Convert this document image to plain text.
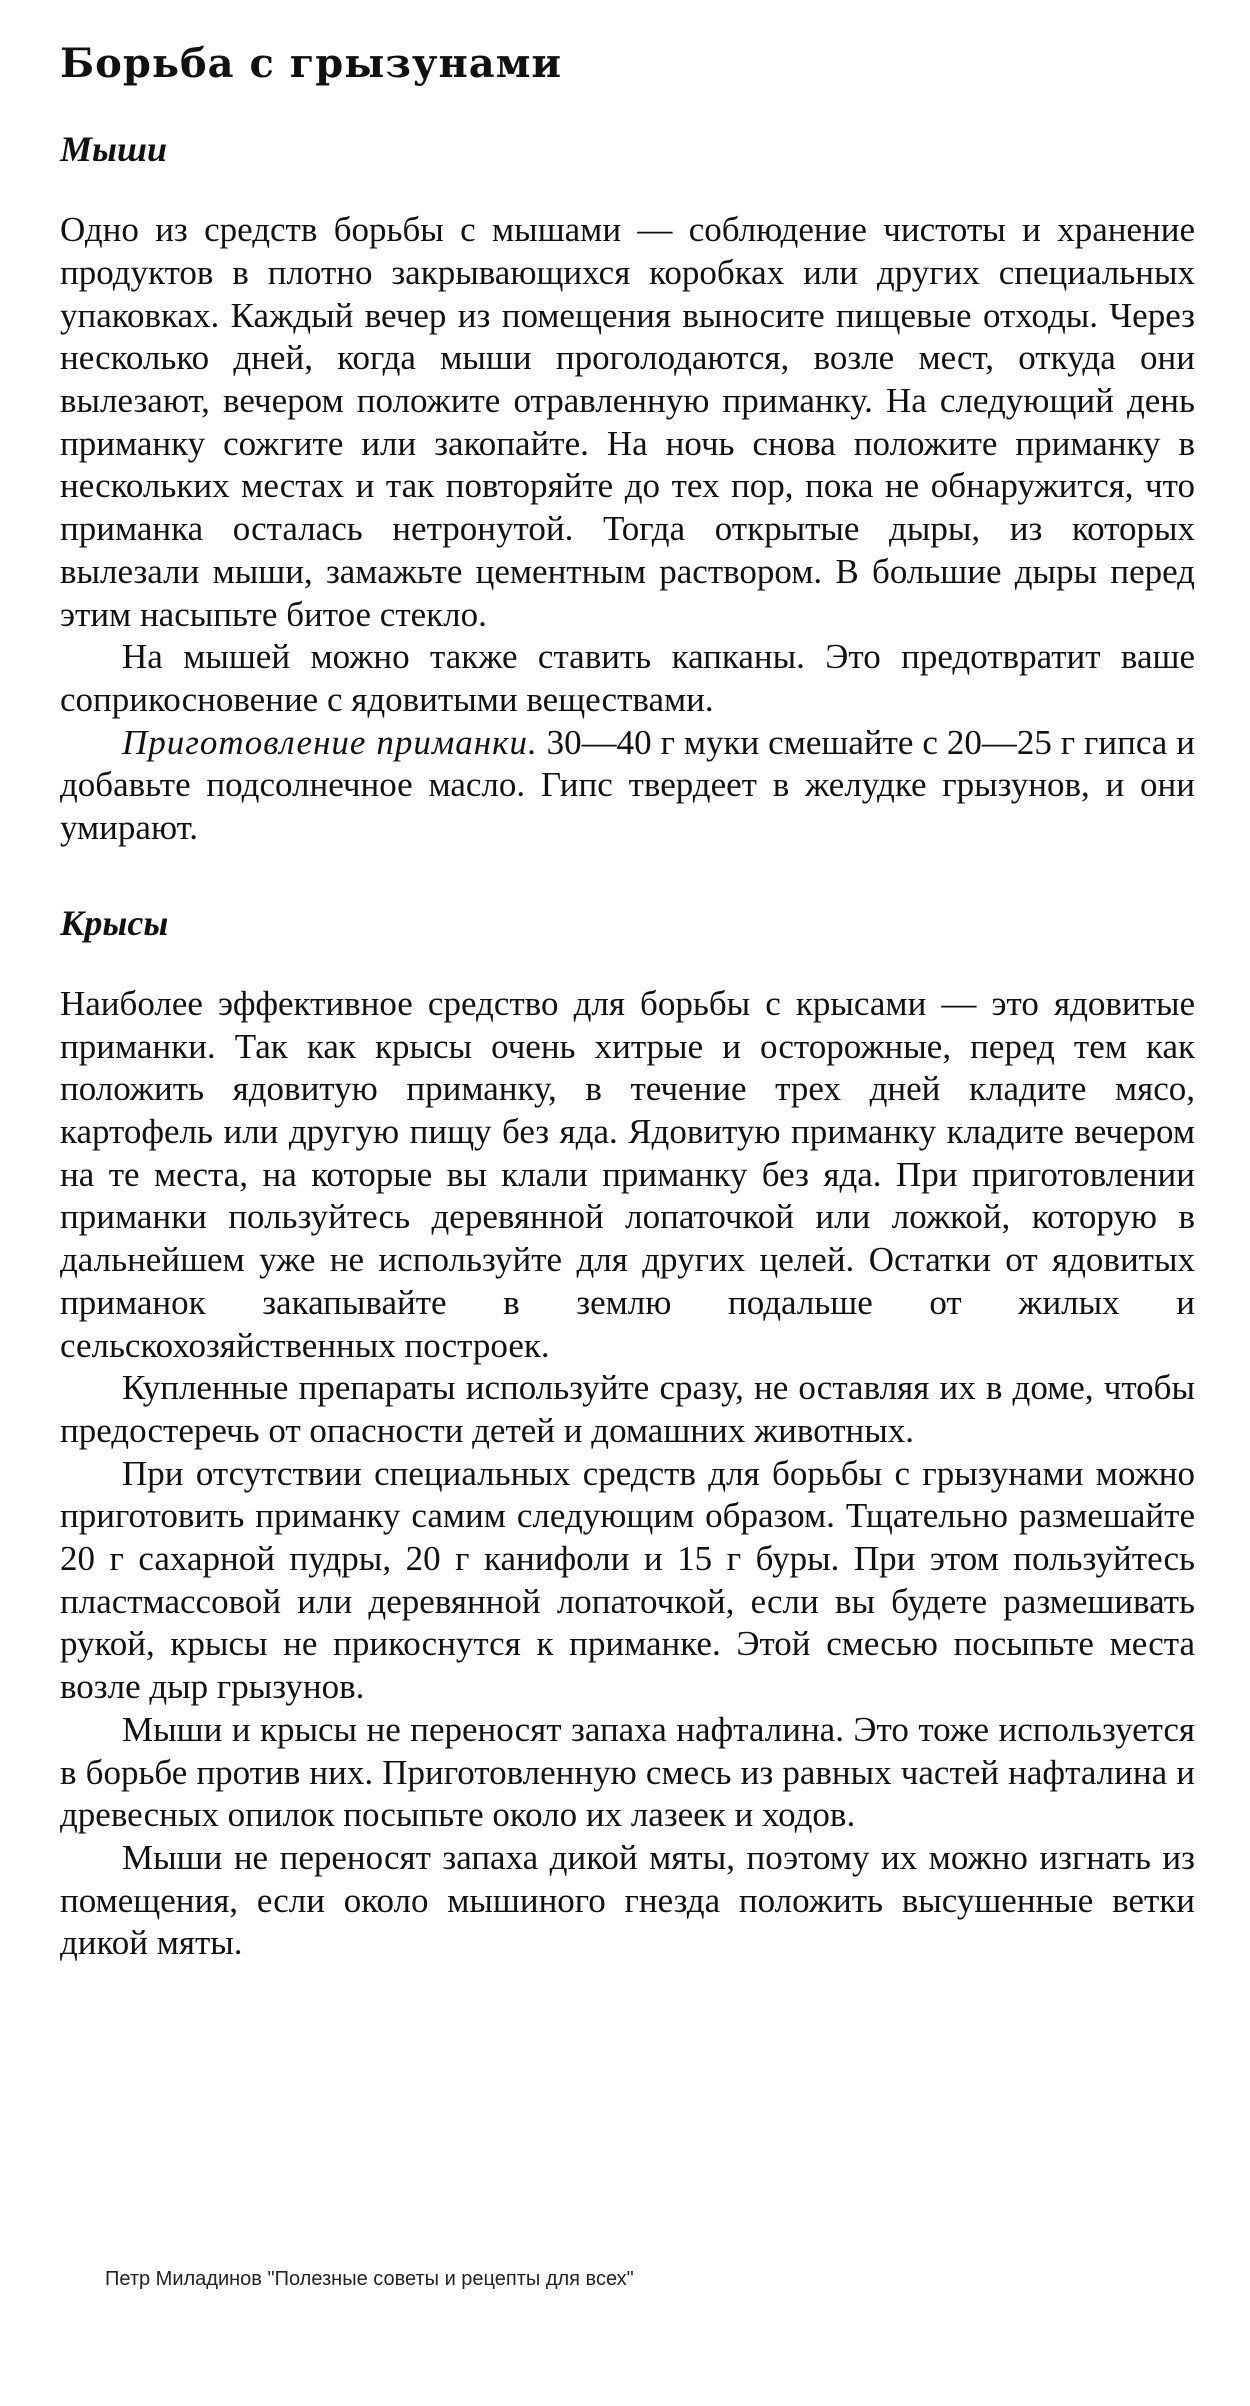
Борьба с грызунами
Мыши

Одно из средств борьбы с мышами — соблюдение чистоты и хранение продуктов в плотно закрывающихся коробках или других специальных упаковках. Каждый вечер из помещения выносите пищевые отходы. Через несколько дней, когда мыши проголодаются, возле мест, откуда они вылезают, вечером положите отравленную приманку. На следующий день приманку сожгите или закопайте. На ночь снова положите приманку в нескольких местах и так повторяйте до тех пор, пока не обнаружится, что приманка осталась нетронутой. Тогда открытые дыры, из которых вылезали мыши, замажьте цементным раствором. В большие дыры перед этим насыпьте битое стекло.

На мышей можно также ставить капканы. Это предотвратит ваше соприкосновение с ядовитыми веществами.

Приготовление приманки. 30—40 г муки смешайте с 20—25 г гипса и добавьте подсолнечное масло. Гипс твердеет в желудке грызунов, и они умирают.

Крысы

Наиболее эффективное средство для борьбы с крысами — это ядовитые приманки. Так как крысы очень хитрые и осторожные, перед тем как положить ядовитую приманку, в течение трех дней кладите мясо, картофель или другую пищу без яда. Ядовитую приманку кладите вечером на те места, на которые вы клали приманку без яда. При приготовлении приманки пользуйтесь деревянной лопаточкой или ложкой, которую в дальнейшем уже не используйте для других целей. Остатки от ядовитых приманок закапывайте в землю подальше от жилых и сельскохозяйственных построек.

Купленные препараты используйте сразу, не оставляя их в доме, чтобы предостеречь от опасности детей и домашних животных.

При отсутствии специальных средств для борьбы с грызунами можно приготовить приманку самим следующим образом. Тщательно размешайте 20 г сахарной пудры, 20 г канифоли и 15 г буры. При этом пользуйтесь пластмассовой или деревянной лопаточкой, если вы будете размешивать рукой, крысы не прикоснутся к приманке. Этой смесью посыпьте места возле дыр грызунов.

Мыши и крысы не переносят запаха нафталина. Это тоже используется в борьбе против них. Приготовленную смесь из равных частей нафталина и древесных опилок посыпьте около их лазеек и ходов.

Мыши не переносят запаха дикой мяты, поэтому их можно изгнать из помещения, если около мышиного гнезда положить высушенные ветки дикой мяты.

Петр Миладинов "Полезные советы и рецепты для всех"
